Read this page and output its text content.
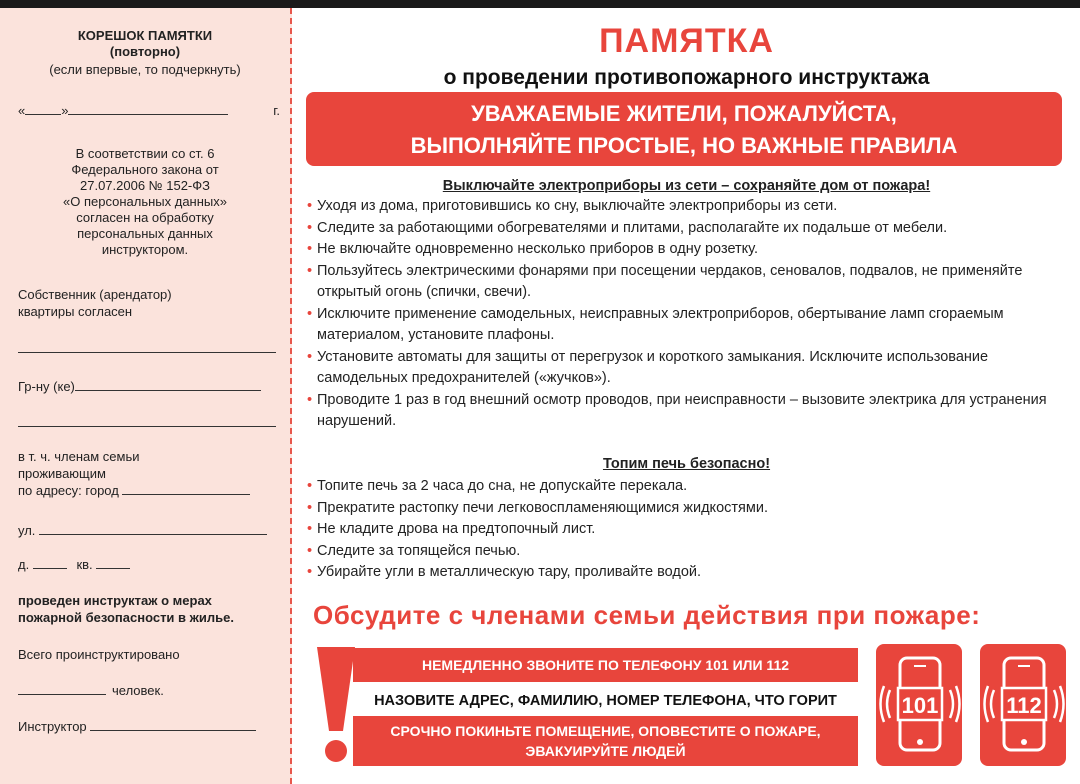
КОРЕШОК ПАМЯТКИ
(повторно)
(если впервые, то подчеркнуть)
«	»	г.
В соответствии со ст. 6
Федерального закона от
27.07.2006 № 152-ФЗ
«О персональных данных»
согласен на обработку
персональных данных
инструктором.
Собственник (арендатор)
квартиры согласен
Гр-ну (ке)
в т. ч. членам семьи
проживающим
по адресу: город
ул.
д.	кв.
проведен инструктаж о мерах
пожарной безопасности в жилье.
Всего проинструктировано
человек.
Инструктор
ПАМЯТКА
о проведении противопожарного инструктажа
УВАЖАЕМЫЕ ЖИТЕЛИ, ПОЖАЛУЙСТА,
ВЫПОЛНЯЙТЕ ПРОСТЫЕ, НО ВАЖНЫЕ ПРАВИЛА
Выключайте электроприборы из сети – сохраняйте дом от пожара!
• Уходя из дома, приготовившись ко сну, выключайте электроприборы из сети.
• Следите за работающими обогревателями и плитами, располагайте их подальше от мебели.
• Не включайте одновременно несколько приборов в одну розетку.
• Пользуйтесь электрическими фонарями при посещении чердаков, сеновалов, подвалов, не применяйте открытый огонь (спички, свечи).
• Исключите применение самодельных, неисправных электроприборов, обертывание ламп сгораемым материалом, установите плафоны.
• Установите автоматы для защиты от перегрузок и короткого замыкания. Исключите использование самодельных предохранителей («жучков»).
• Проводите 1 раз в год внешний осмотр проводов, при неисправности – вызовите электрика для устранения нарушений.
Топим печь безопасно!
• Топите печь за 2 часа до сна, не допускайте перекала.
• Прекратите растопку печи легковоспламеняющимися жидкостями.
• Не кладите дрова на предтопочный лист.
• Следите за топящейся печью.
• Убирайте угли в металлическую тару, проливайте водой.
Обсудите с членами семьи действия при пожаре:
НЕМЕДЛЕННО ЗВОНИТЕ ПО ТЕЛЕФОНУ 101 ИЛИ 112
НАЗОВИТЕ АДРЕС, ФАМИЛИЮ, НОМЕР ТЕЛЕФОНА, ЧТО ГОРИТ
СРОЧНО ПОКИНЬТЕ ПОМЕЩЕНИЕ, ОПОВЕСТИТЕ О ПОЖАРЕ,
ЭВАКУИРУЙТЕ ЛЮДЕЙ
101	112
